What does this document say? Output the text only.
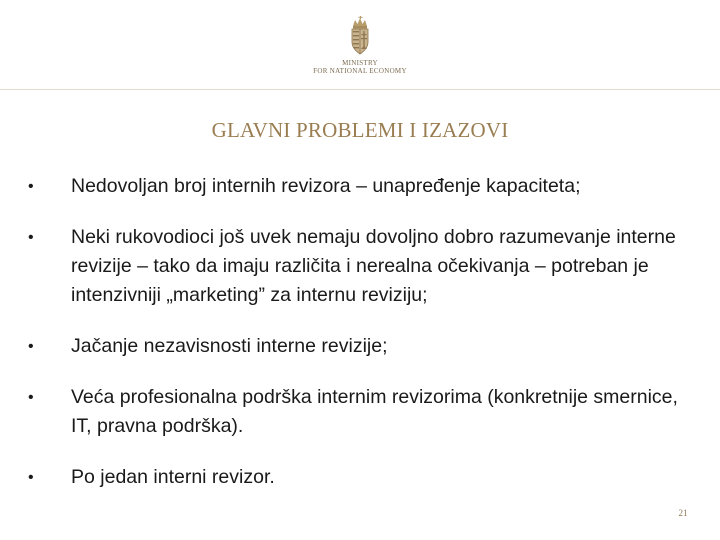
MINISTRY
FOR NATIONAL ECONOMY
GLAVNI PROBLEMI I IZAZOVI
• Nedovoljan broj internih revizora – unapređenje kapaciteta;
• Neki rukovodioci još uvek nemaju dovoljno dobro razumevanje interne revizije – tako da imaju različita i nerealna očekivanja – potreban je intenzivniji „marketing” za internu reviziju;
• Jačanje nezavisnosti interne revizije;
• Veća profesionalna podrška internim revizorima (konkretnije smernice, IT, pravna podrška).
• Po jedan interni revizor.
21
